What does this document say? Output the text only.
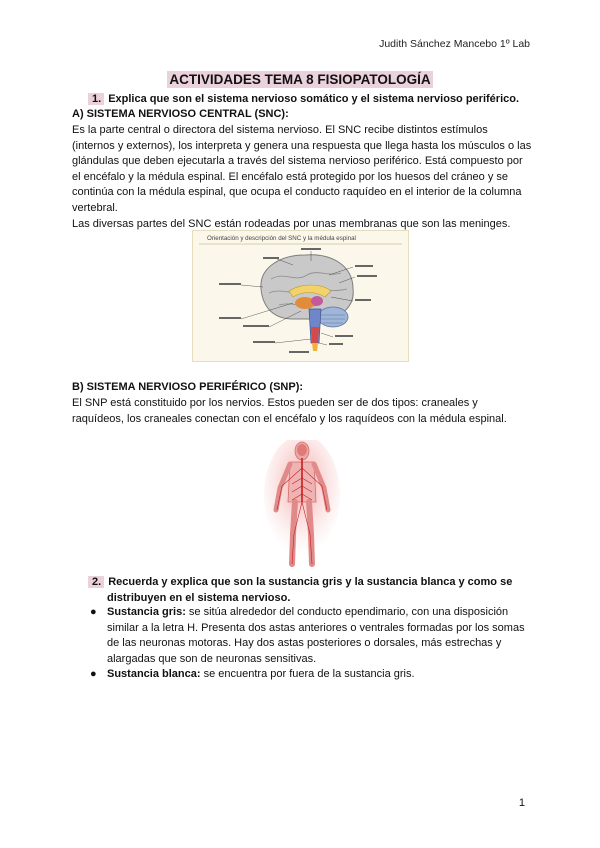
Judith Sánchez Mancebo 1º Lab
ACTIVIDADES TEMA 8 FISIOPATOLOGÍA
1. Explica que son el sistema nervioso somático y el sistema nervioso periférico.
A) SISTEMA NERVIOSO CENTRAL (SNC):

Es la parte central o directora del sistema nervioso. El SNC recibe distintos estímulos (internos y externos), los interpreta y genera una respuesta que llega hasta los músculos o las glándulas que deben ejecutarla a través del sistema nervioso periférico. Está compuesto por el encéfalo y la médula espinal. El encéfalo está protegido por los huesos del cráneo y se continúa con la médula espinal, que ocupa el conducto raquídeo en el interior de la columna vertebral.

Las diversas partes del SNC están rodeadas por unas membranas que son las meninges.

Orientación y descripción del SNC y la médula espinal
B) SISTEMA NERVIOSO PERIFÉRICO (SNP):

El SNP está constituido por los nervios. Estos pueden ser de dos tipos: craneales y raquídeos, los craneales conectan con el encéfalo y los raquídeos con la médula espinal.

2. Recuerda y explica que son la sustancia gris y la sustancia blanca y como se
distribuyen en el sistema nervioso.
● Sustancia gris: se sitúa alrededor del conducto ependimario, con una disposición similar a la letra H. Presenta dos astas anteriores o ventrales formadas por los somas de las neuronas motoras. Hay dos astas posteriores o dorsales, más estrechas y alargadas que son de neuronas sensitivas.
● Sustancia blanca: se encuentra por fuera de la sustancia gris.
1
